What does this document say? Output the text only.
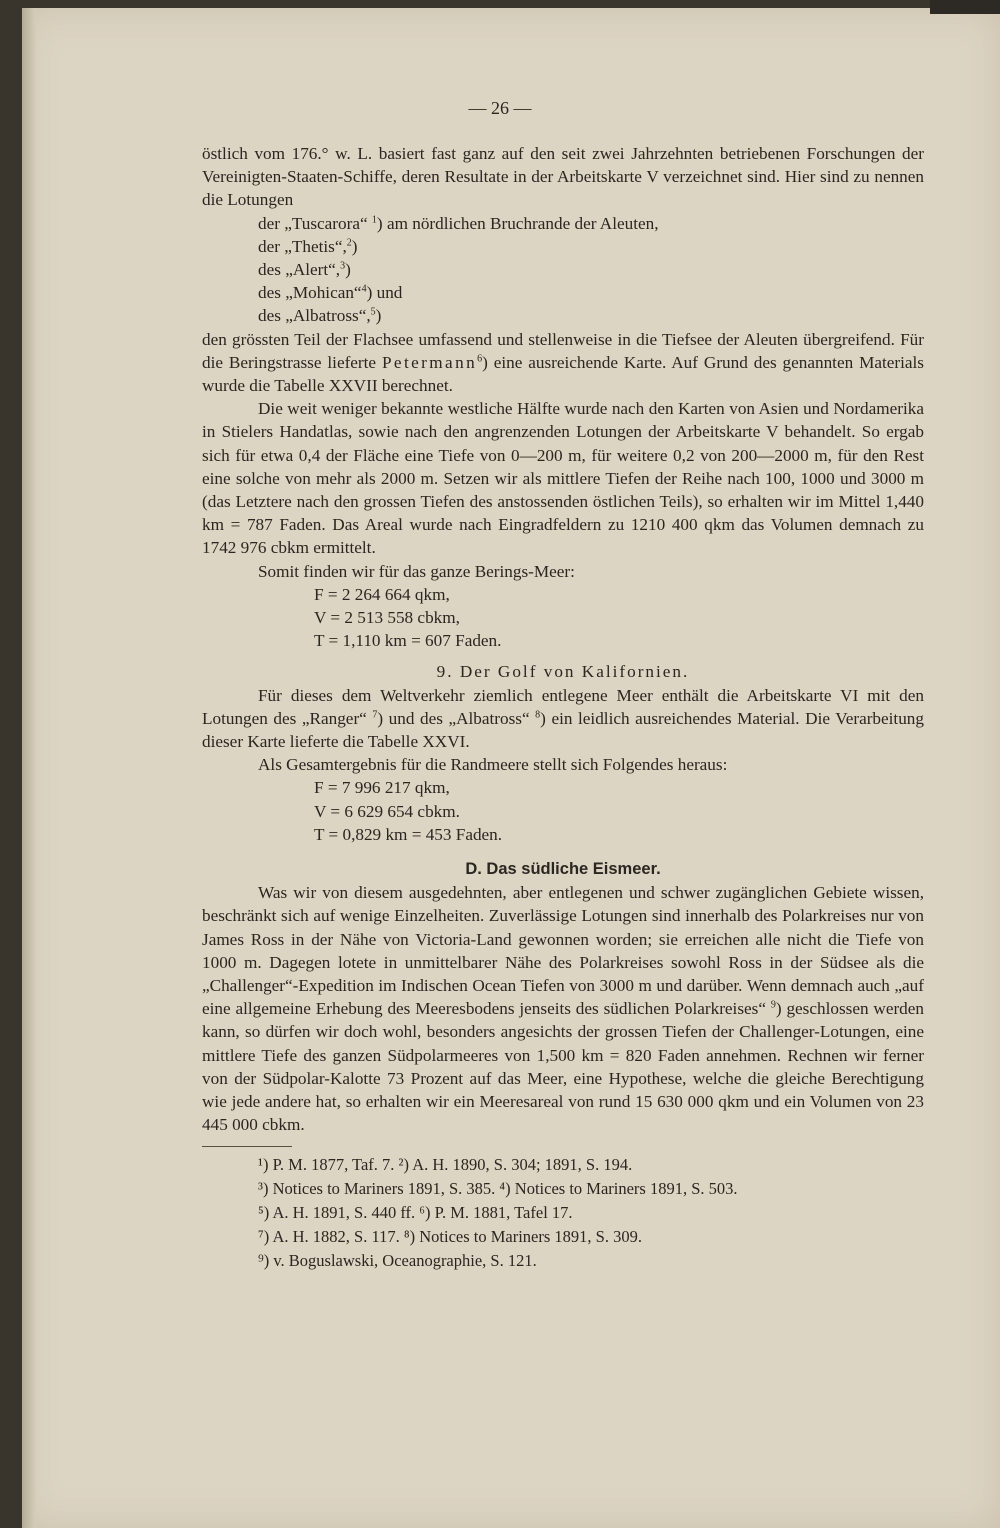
— 26 —

östlich vom 176.° w. L. basiert fast ganz auf den seit zwei Jahrzehnten betriebenen Forschungen der Vereinigten-Staaten-Schiffe, deren Resultate in der Arbeitskarte V verzeichnet sind. Hier sind zu nennen die Lotungen

der „Tuscarora“ $^1$) am nördlichen Bruchrande der Aleuten,
der „Thetis“,$^2$)
des „Alert“,$^3$)
des „Mohican“$^4$) und
des „Albatross“,$^5$)

den grössten Teil der Flachsee umfassend und stellenweise in die Tiefsee der Aleuten übergreifend. Für die Beringstrasse lieferte Petermann$^6$) eine ausreichende Karte. Auf Grund des genannten Materials wurde die Tabelle XXVII berechnet.

Die weit weniger bekannte westliche Hälfte wurde nach den Karten von Asien und Nordamerika in Stielers Handatlas, sowie nach den angrenzenden Lotungen der Arbeitskarte V behandelt. So ergab sich für etwa 0,4 der Fläche eine Tiefe von 0—200 m, für weitere 0,2 von 200—2000 m, für den Rest eine solche von mehr als 2000 m. Setzen wir als mittlere Tiefen der Reihe nach 100, 1000 und 3000 m (das Letztere nach den grossen Tiefen des anstossenden östlichen Teils), so erhalten wir im Mittel 1,440 km = 787 Faden. Das Areal wurde nach Eingradfeldern zu 1210 400 qkm das Volumen demnach zu 1742 976 cbkm ermittelt.

Somit finden wir für das ganze Berings-Meer:

F = 2 264 664 qkm,
V = 2 513 558 cbkm,
T = 1,110 km = 607 Faden.
9. Der Golf von Kalifornien.

Für dieses dem Weltverkehr ziemlich entlegene Meer enthält die Arbeitskarte VI mit den Lotungen des „Ranger“ $^7$) und des „Albatross“ $^8$) ein leidlich ausreichendes Material. Die Verarbeitung dieser Karte lieferte die Tabelle XXVI.

Als Gesamtergebnis für die Randmeere stellt sich Folgendes heraus:

F = 7 996 217 qkm,
V = 6 629 654 cbkm.
T = 0,829 km = 453 Faden.
D. Das südliche Eismeer.

Was wir von diesem ausgedehnten, aber entlegenen und schwer zugänglichen Gebiete wissen, beschränkt sich auf wenige Einzelheiten. Zuverlässige Lotungen sind innerhalb des Polarkreises nur von James Ross in der Nähe von Victoria-Land gewonnen worden; sie erreichen alle nicht die Tiefe von 1000 m. Dagegen lotete in unmittelbarer Nähe des Polarkreises sowohl Ross in der Südsee als die „Challenger“-Expedition im Indischen Ocean Tiefen von 3000 m und darüber. Wenn demnach auch „auf eine allgemeine Erhebung des Meeresbodens jenseits des südlichen Polarkreises“ $^9$) geschlossen werden kann, so dürfen wir doch wohl, besonders angesichts der grossen Tiefen der Challenger-Lotungen, eine mittlere Tiefe des ganzen Südpolarmeeres von 1,500 km = 820 Faden annehmen. Rechnen wir ferner von der Südpolar-Kalotte 73 Prozent auf das Meer, eine Hypothese, welche die gleiche Berechtigung wie jede andere hat, so erhalten wir ein Meeresareal von rund 15 630 000 qkm und ein Volumen von 23 445 000 cbkm.

¹) P. M. 1877, Taf. 7. ²) A. H. 1890, S. 304; 1891, S. 194.
³) Notices to Mariners 1891, S. 385. ⁴) Notices to Mariners 1891, S. 503.
⁵) A. H. 1891, S. 440 ff. ⁶) P. M. 1881, Tafel 17.
⁷) A. H. 1882, S. 117. ⁸) Notices to Mariners 1891, S. 309.
⁹) v. Boguslawski, Oceanographie, S. 121.
